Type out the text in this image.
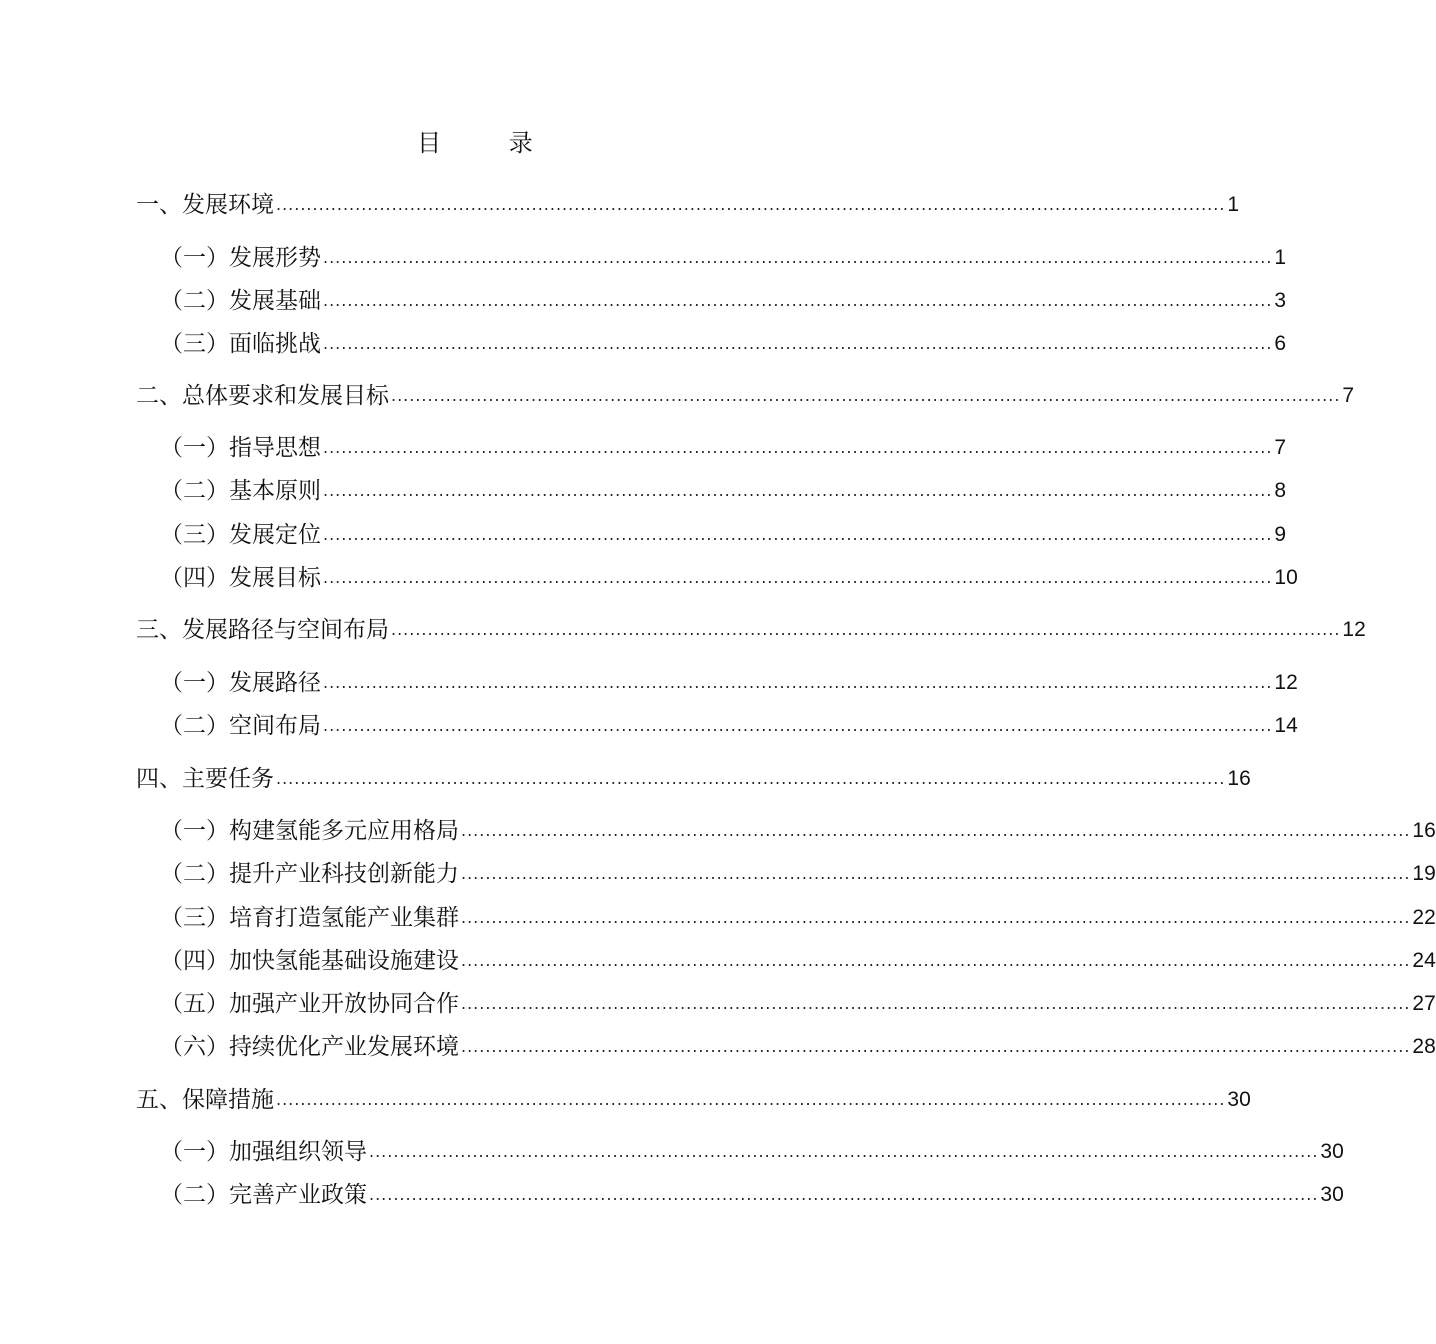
目 录
一、发展环境 ............................................................................................................................................................ 1
（一）发展形势 ............................................................................................................................................................ 1
（二）发展基础 ............................................................................................................................................................ 3
（三）面临挑战 ............................................................................................................................................................ 6
二、总体要求和发展目标 ............................................................................................................................................................ 7
（一）指导思想 ............................................................................................................................................................ 7
（二）基本原则 ............................................................................................................................................................ 8
（三）发展定位 ............................................................................................................................................................ 9
（四）发展目标 ............................................................................................................................................................ 10
三、发展路径与空间布局 ............................................................................................................................................................ 12
（一）发展路径 ............................................................................................................................................................ 12
（二）空间布局 ............................................................................................................................................................ 14
四、主要任务 ............................................................................................................................................................ 16
（一）构建氢能多元应用格局 ............................................................................................................................................................ 16
（二）提升产业科技创新能力 ............................................................................................................................................................ 19
（三）培育打造氢能产业集群 ............................................................................................................................................................ 22
（四）加快氢能基础设施建设 ............................................................................................................................................................ 24
（五）加强产业开放协同合作 ............................................................................................................................................................ 27
（六）持续优化产业发展环境 ............................................................................................................................................................ 28
五、保障措施 ............................................................................................................................................................ 30
（一）加强组织领导 ............................................................................................................................................................ 30
（二）完善产业政策 ............................................................................................................................................................ 30
